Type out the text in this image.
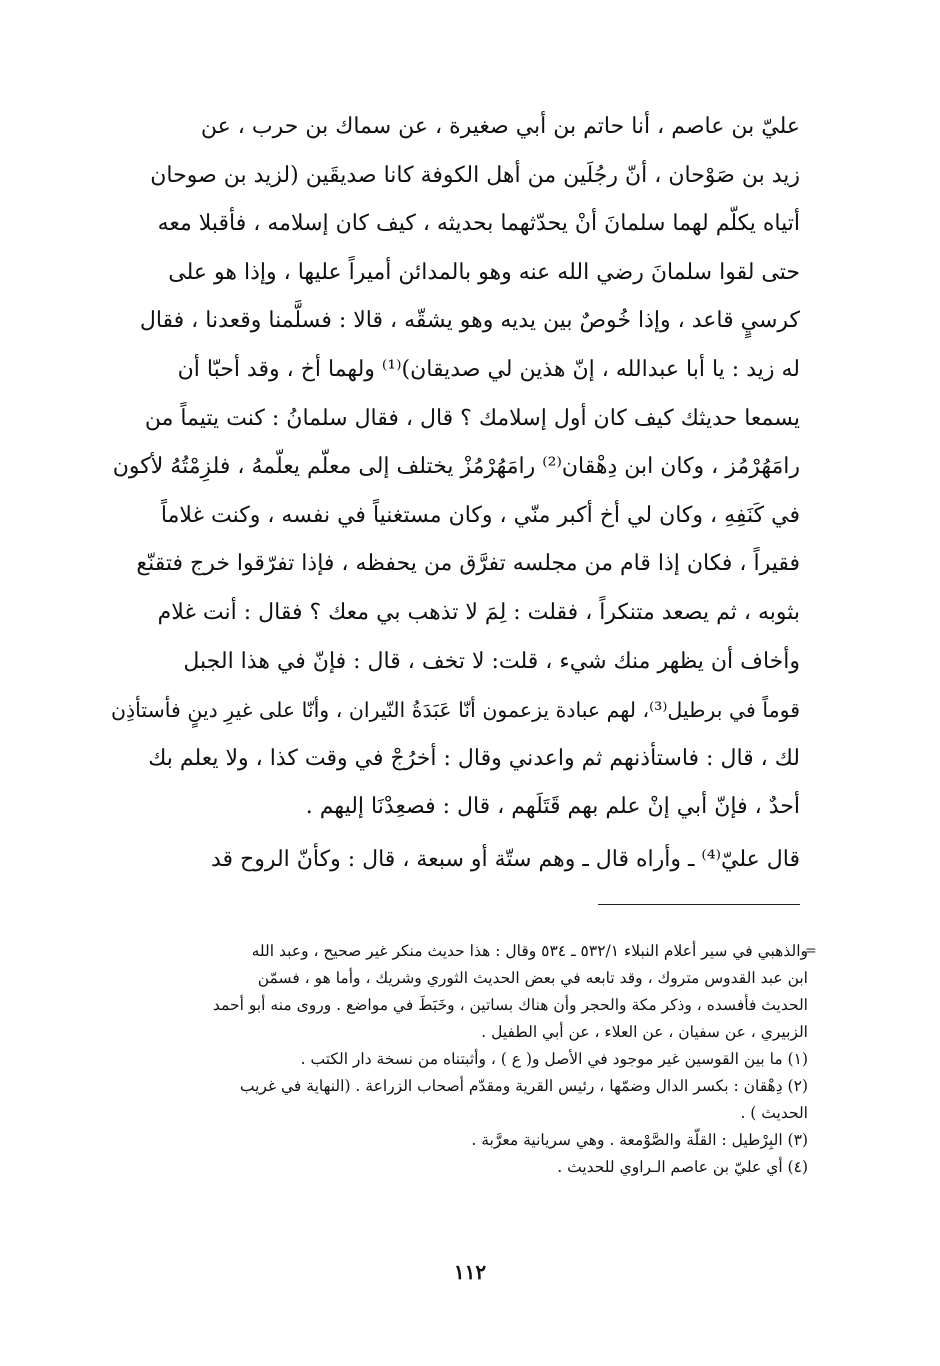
عليّ بن عاصم ، أنا حاتم بن أبي صغيرة ، عن سماك بن حرب ، عن
زيد بن صَوْحان ، أنّ رجُلَين من أهل الكوفة كانا صديقَين (لزيد بن صوحان
أتياه يكلّم لهما سلمانَ أنْ يحدّثهما بحديثه ، كيف كان إسلامه ، فأقبلا معه
حتى لقوا سلمانَ رضي الله عنه وهو بالمدائن أميراً عليها ، وإذا هو على
كرسيٍ قاعد ، وإذا خُوصٌ بين يديه وهو يشقّه ، قالا : فسلَّمنا وقعدنا ، فقال
له زيد : يا أبا عبدالله ، إنّ هذين لي صديقان)⁽¹⁾ ولهما أخ ، وقد أحبّا أن
يسمعا حديثك كيف كان أول إسلامك ؟ قال ، فقال سلمانُ : كنت يتيماً من
رامَهُرْمُز ، وكان ابن دِهْقان⁽²⁾ رامَهُرْمُزْ يختلف إلى معلّم يعلّمهُ ، فلزِمْتُهُ لأكون
في كَنَفِهِ ، وكان لي أخ أكبر منّي ، وكان مستغنياً في نفسه ، وكنت غلاماً
فقيراً ، فكان إذا قام من مجلسه تفرَّق من يحفظه ، فإذا تفرّقوا خرج فتقنّع
بثوبه ، ثم يصعد متنكراً ، فقلت : لِمَ لا تذهب بي معك ؟ فقال : أنت غلام
وأخاف أن يظهر منك شيء ، قلت: لا تخف ، قال : فإنّ في هذا الجبل
قوماً في برطيل⁽³⁾، لهم عبادة يزعمون أنّا عَبَدَةُ النّيران ، وأنّا على غيرِ دينٍ فأستأذِن
لك ، قال : فاستأذنهم ثم واعدني وقال : أخرُجْ في وقت كذا ، ولا يعلم بك
أحدٌ ، فإنّ أبي إنْ علم بهم قَتَلَهم ، قال : فصعِدْنَا إليهم .
قال عليّ⁽⁴⁾ ـ وأراه قال ـ وهم ستّة أو سبعة ، قال : وكأنّ الروح قد
=
والذهبي في سير أعلام النبلاء ٥٣٢/١ ـ ٥٣٤ وقال : هذا حديث منكر غير صحيح ، وعبد الله
ابن عبد القدوس متروك ، وقد تابعه في بعض الحديث الثوري وشريك ، وأما هو ، فسمّن
الحديث فأفسده ، وذكر مكة والحجر وأن هناك بساتين ، وخَبَطَ في مواضع . وروى منه أبو أحمد
الزبيري ، عن سفيان ، عن العلاء ، عن أبي الطفيل .
(١) ما بين القوسين غير موجود في الأصل و( ع ) ، وأثبتناه من نسخة دار الكتب .
(٢) دِهْقان : بكسر الدال وضمّها ، رئيس القرية ومقدّم أصحاب الزراعة . (النهاية في غريب
الحديث ) .
(٣) البِرْطيل : القلّة والصَّوْمعة . وهي سريانية معرَّبة .
(٤) أي عليّ بن عاصم الـراوي للحديث .
١١٢
